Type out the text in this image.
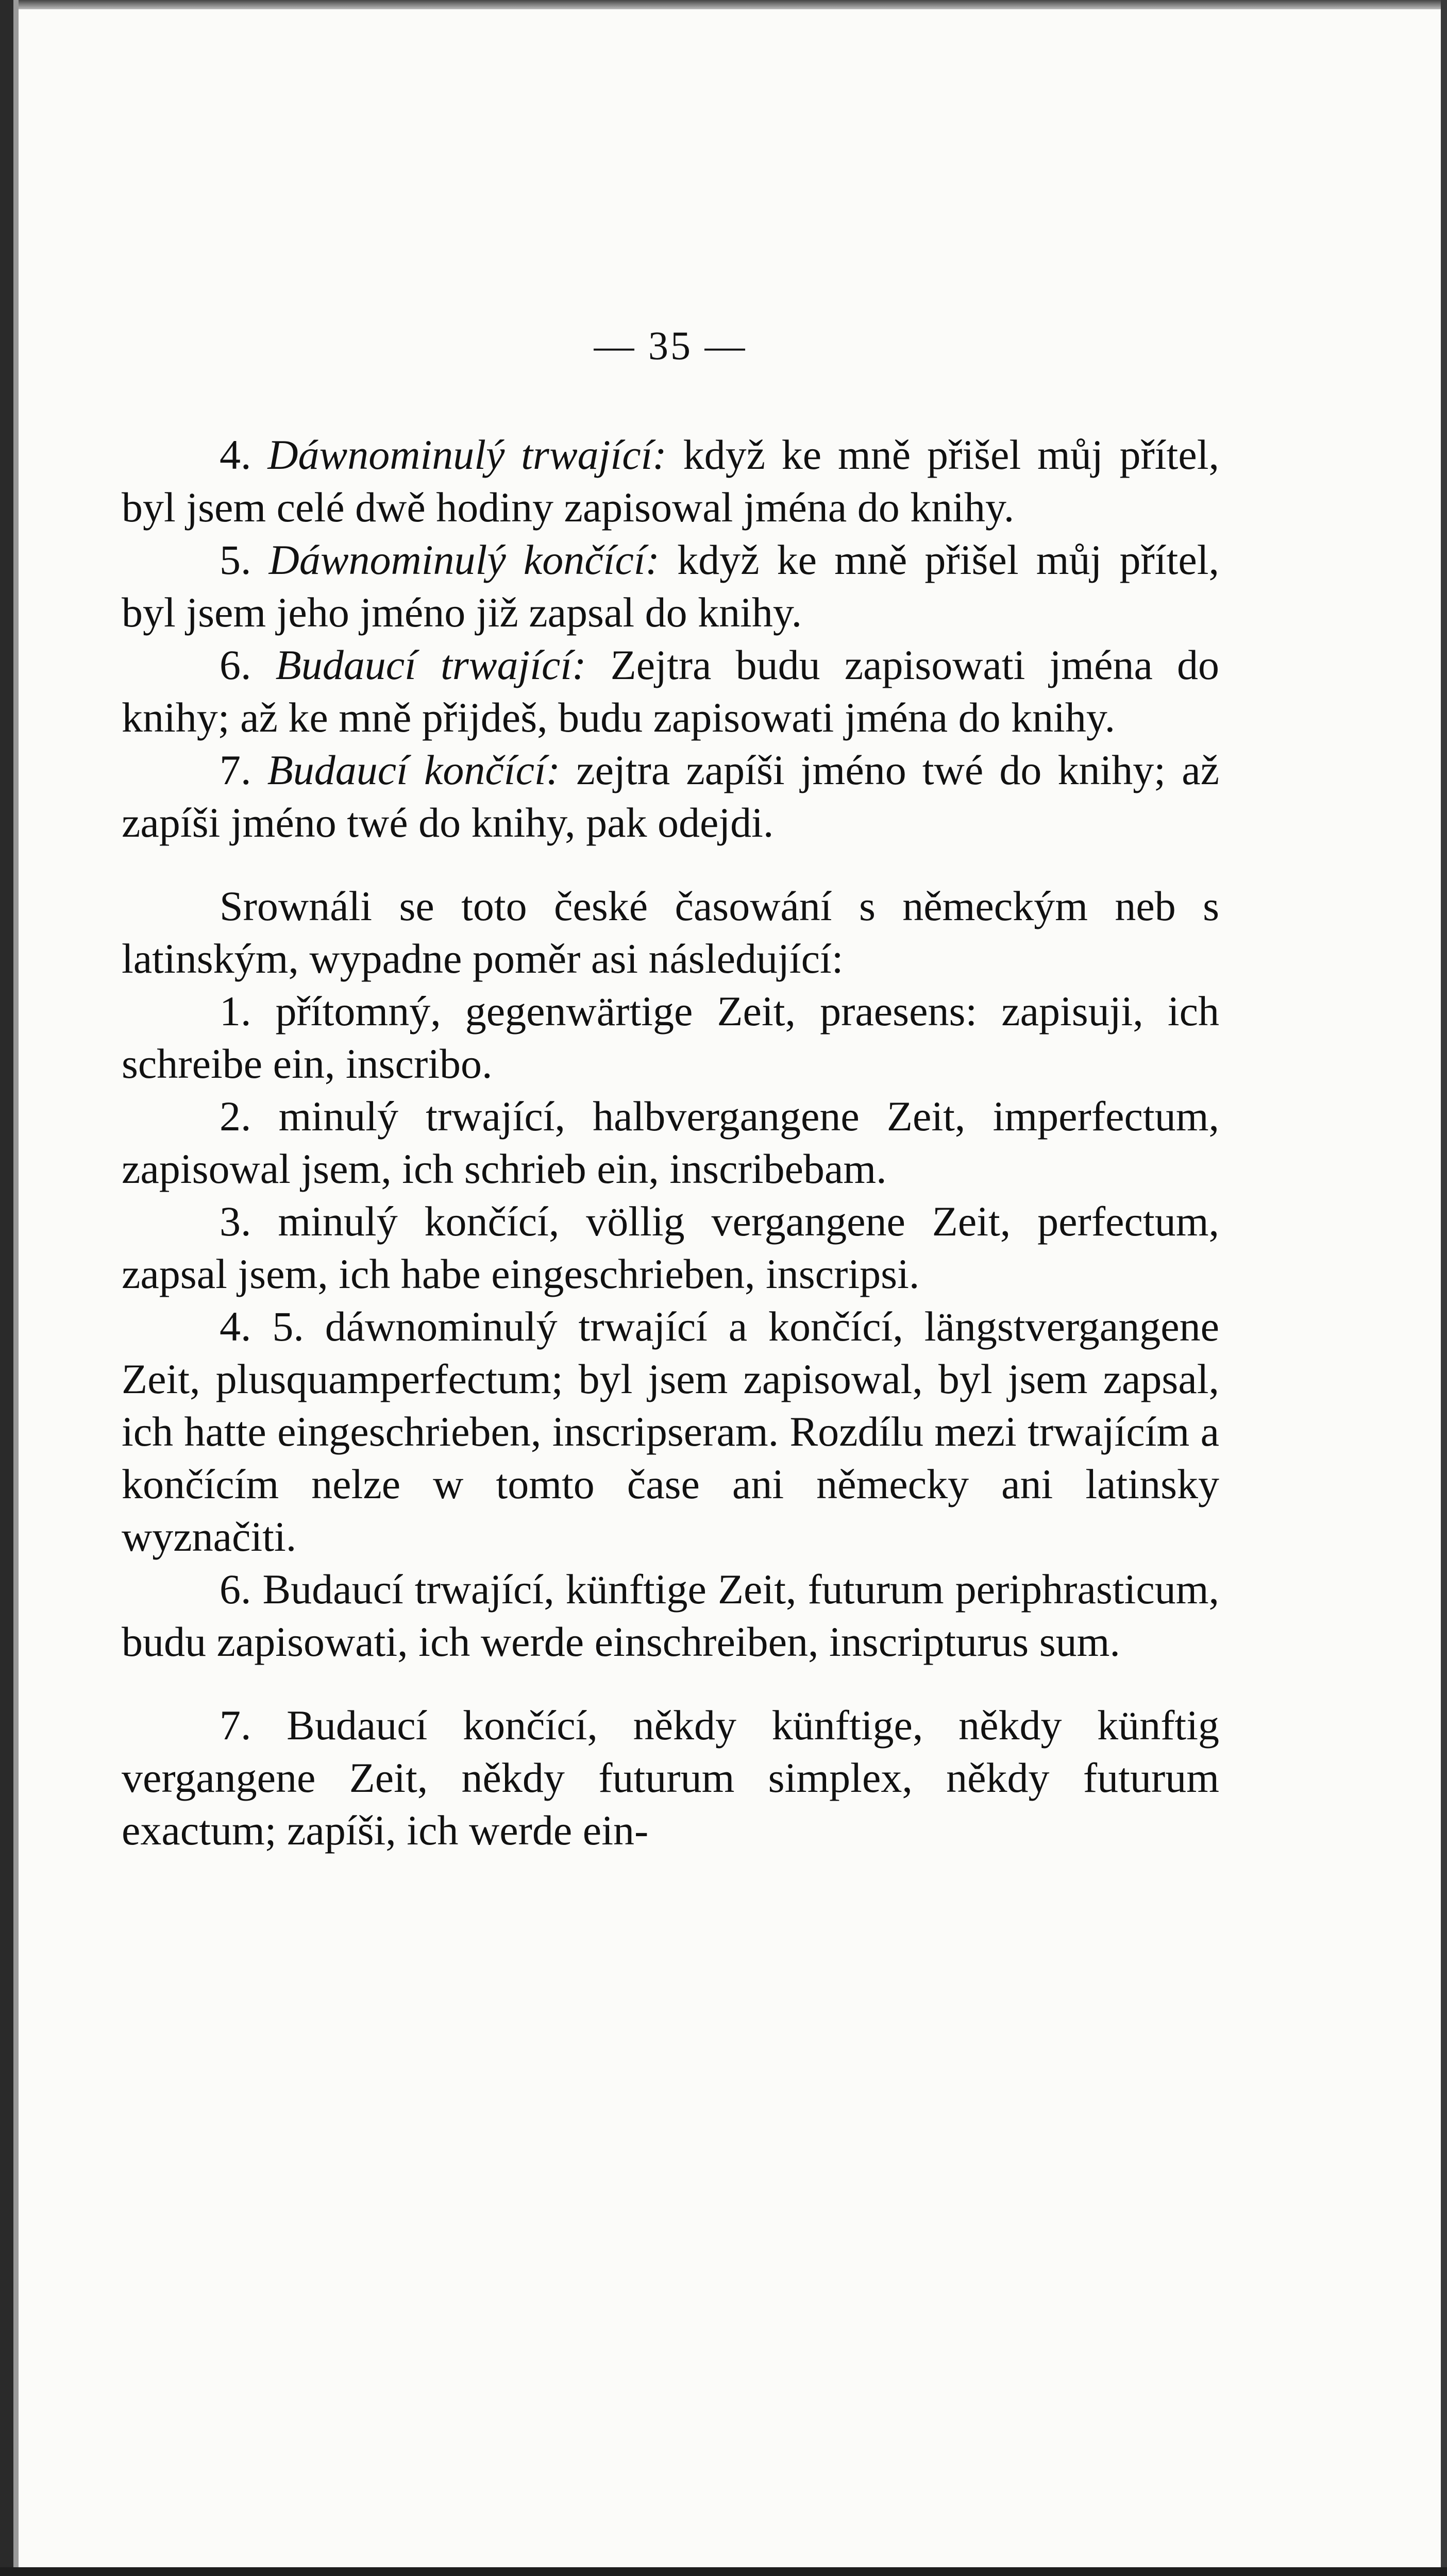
— 35 —

4. Dáwnominulý trwající: když ke mně přišel můj přítel, byl jsem celé dwě hodiny zapisowal jména do knihy.

5. Dáwnominulý končící: když ke mně přišel můj přítel, byl jsem jeho jméno již zapsal do knihy.

6. Budaucí trwající: Zejtra budu zapisowati jména do knihy; až ke mně přijdeš, budu zapisowati jména do knihy.

7. Budaucí končící: zejtra zapíši jméno twé do knihy; až zapíši jméno twé do knihy, pak odejdi.

Srownáli se toto české časowání s německým neb s latinským, wypadne poměr asi následující:

1. přítomný, gegenwärtige Zeit, praesens: zapisuji, ich schreibe ein, inscribo.

2. minulý trwající, halbvergangene Zeit, imperfectum, zapisowal jsem, ich schrieb ein, inscribebam.

3. minulý končící, völlig vergangene Zeit, perfectum, zapsal jsem, ich habe eingeschrieben, inscripsi.

4. 5. dáwnominulý trwající a končící, längstvergangene Zeit, plusquamperfectum; byl jsem zapisowal, byl jsem zapsal, ich hatte eingeschrieben, inscripseram. Rozdílu mezi trwajícím a končícím nelze w tomto čase ani německy ani latinsky wyznačiti.

6. Budaucí trwající, künftige Zeit, futurum periphrasticum, budu zapisowati, ich werde einschreiben, inscripturus sum.

7. Budaucí končící, někdy künftige, někdy künftig vergangene Zeit, někdy futurum simplex, někdy futurum exactum; zapíši, ich werde ein-
